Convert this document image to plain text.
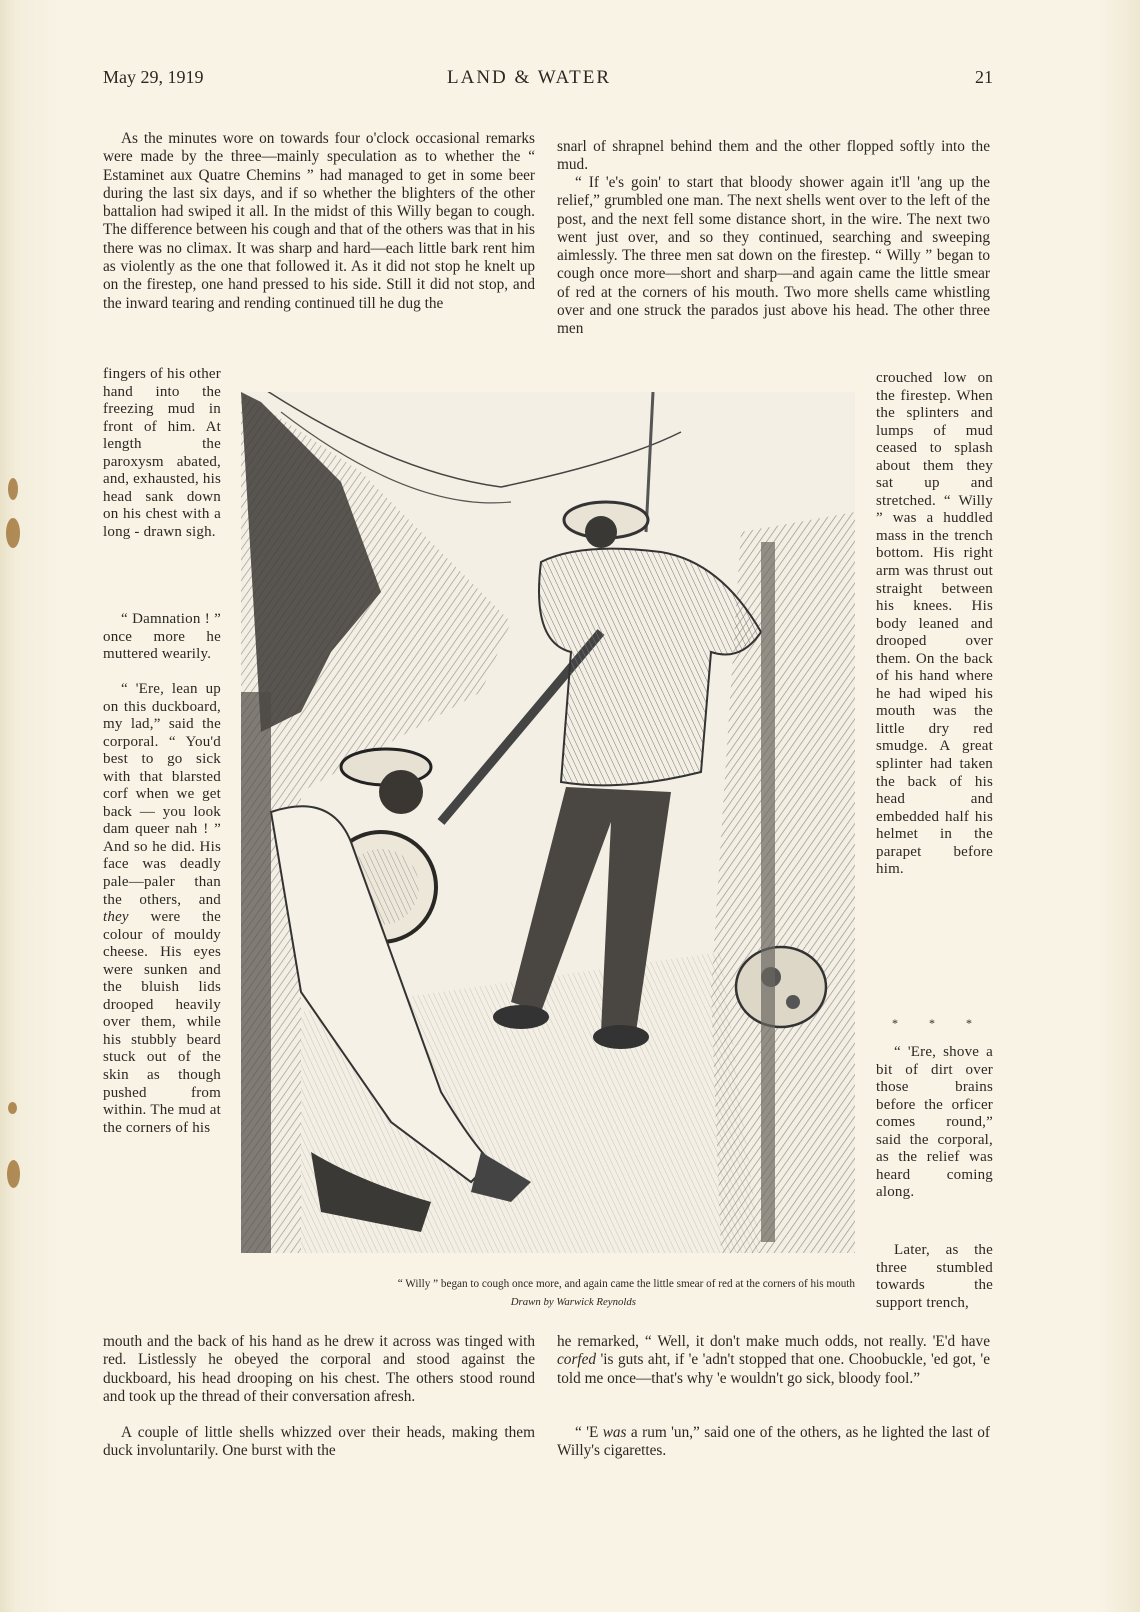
May 29, 1919	LAND & WATER	21

As the minutes wore on towards four o'clock occasional remarks were made by the three—mainly speculation as to whether the “ Estaminet aux Quatre Chemins ” had managed to get in some beer during the last six days, and if so whether the blighters of the other battalion had swiped it all. In the midst of this Willy began to cough. The difference between his cough and that of the others was that in his there was no climax. It was sharp and hard—each little bark rent him as violently as the one that followed it. As it did not stop he knelt up on the firestep, one hand pressed to his side. Still it did not stop, and the inward tearing and rending continued till he dug the

fingers of his other hand into the freezing mud in front of him. At length the paroxysm abated, and, exhausted, his head sank down on his chest with a long - drawn sigh.

“ Damnation ! ” once more he muttered wearily.

“ 'Ere, lean up on this duckboard, my lad,” said the corporal. “ You'd best to go sick with that blarsted corf when we get back — you look dam queer nah ! ” And so he did. His face was deadly pale—paler than the others, and they were the colour of mouldy cheese. His eyes were sunken and the bluish lids drooped heavily over them, while his stubbly beard stuck out of the skin as though pushed from within. The mud at the corners of his

mouth and the back of his hand as he drew it across was tinged with red. Listlessly he obeyed the corporal and stood against the duckboard, his head drooping on his chest. The others stood round and took up the thread of their conversation afresh.

A couple of little shells whizzed over their heads, making them duck involuntarily. One burst with the

snarl of shrapnel behind them and the other flopped softly into the mud.

“ If 'e's goin' to start that bloody shower again it'll 'ang up the relief,” grumbled one man. The next shells went over to the left of the post, and the next fell some distance short, in the wire. The next two went just over, and so they continued, searching and sweeping aimlessly. The three men sat down on the firestep. “ Willy ” began to cough once more—short and sharp—and again came the little smear of red at the corners of his mouth. Two more shells came whistling over and one struck the parados just above his head. The other three men

crouched low on the firestep. When the splinters and lumps of mud ceased to splash about them they sat up and stretched. “ Willy ” was a huddled mass in the trench bottom. His right arm was thrust out straight between his knees. His body leaned and drooped over them. On the back of his hand where he had wiped his mouth was the little dry red smudge. A great splinter had taken the back of his head and embedded half his helmet in the parapet before him.

* * *

“ 'Ere, shove a bit of dirt over those brains before the orficer comes round,” said the corporal, as the relief was heard coming along.

Later, as the three stumbled towards the support trench,

he remarked, “ Well, it don't make much odds, not really. 'E'd have corfed 'is guts aht, if 'e 'adn't stopped that one. Choobuckle, 'ed got, 'e told me once—that's why 'e wouldn't go sick, bloody fool.”

“ 'E was a rum 'un,” said one of the others, as he lighted the last of Willy's cigarettes.

“ Willy ” began to cough once more, and again came the little smear of red at the corners of his mouth
Drawn by Warwick Reynolds
